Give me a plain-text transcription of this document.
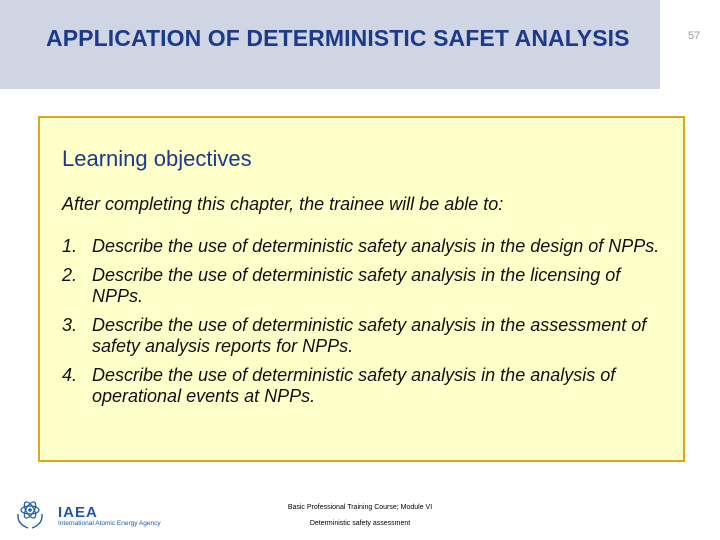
APPLICATION OF DETERMINISTIC SAFET ANALYSIS	57
Learning objectives
After completing this chapter, the trainee will be able to:
1. Describe the use of deterministic safety analysis in the design of NPPs.
2. Describe the use of deterministic safety analysis in the licensing of NPPs.
3. Describe the use of deterministic safety analysis in the assessment of safety analysis reports for NPPs.
4. Describe the use of deterministic safety analysis in the analysis of operational events at NPPs.
IAEA
International Atomic Energy Agency
Basic Professional Training Course; Module VI
Deterministic safety assessment
